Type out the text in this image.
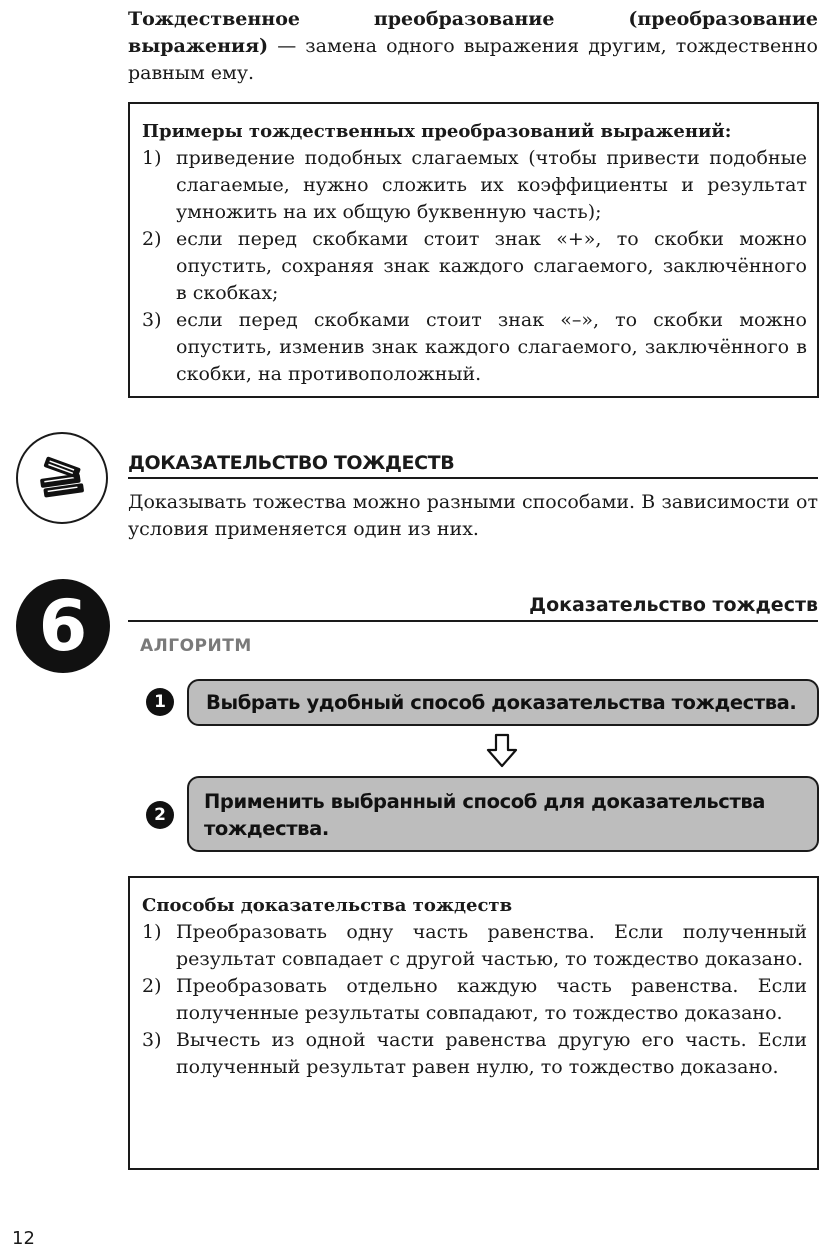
Тождественное преобразование (преобразование выражения) — замена одного выражения другим, тождественно равным ему.
Примеры тождественных преобразований выражений:
1) приведение подобных слагаемых (чтобы привести подобные слагаемые, нужно сложить их коэффициенты и результат умножить на их общую буквенную часть);
2) если перед скобками стоит знак «+», то скобки можно опустить, сохраняя знак каждого слагаемого, заключённого в скобках;
3) если перед скобками стоит знак «–», то скобки можно опустить, изменив знак каждого слагаемого, заключённого в скобки, на противоположный.
ДОКАЗАТЕЛЬСТВО ТОЖДЕСТВ
Доказывать тожества можно разными способами. В зависимости от условия применяется один из них.
6	Доказательство тождеств
АЛГОРИТМ
1	Выбрать удобный способ доказательства тождества.
2
Применить выбранный способ для доказательства тождества.
Способы доказательства тождеств
1) Преобразовать одну часть равенства. Если полученный результат совпадает с другой частью, то тождество доказано.
2) Преобразовать отдельно каждую часть равенства. Если полученные результаты совпадают, то тождество доказано.
3) Вычесть из одной части равенства другую его часть. Если полученный результат равен нулю, то тождество доказано.
12
